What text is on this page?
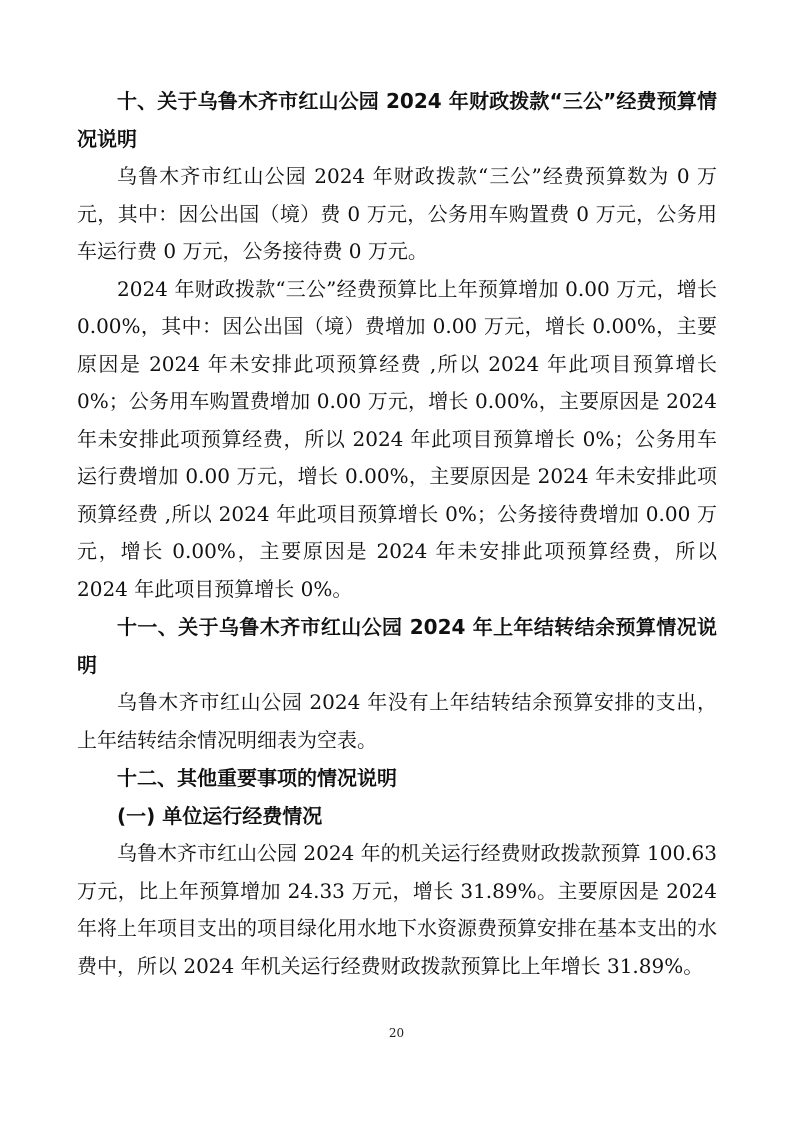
十、关于乌鲁木齐市红山公园 2024 年财政拨款“三公”经费预算情况说明

乌鲁木齐市红山公园 2024 年财政拨款“三公”经费预算数为 0 万元，其中：因公出国（境）费 0 万元，公务用车购置费 0 万元，公务用车运行费 0 万元，公务接待费 0 万元。

2024 年财政拨款“三公”经费预算比上年预算增加 0.00 万元，增长 0.00%，其中：因公出国（境）费增加 0.00 万元，增长 0.00%，主要原因是 2024 年未安排此项预算经费 ,所以 2024 年此项目预算增长 0%；公务用车购置费增加 0.00 万元，增长 0.00%，主要原因是 2024 年未安排此项预算经费，所以 2024 年此项目预算增长 0%；公务用车运行费增加 0.00 万元，增长 0.00%，主要原因是 2024 年未安排此项预算经费 ,所以 2024 年此项目预算增长 0%；公务接待费增加 0.00 万元，增长 0.00%，主要原因是 2024 年未安排此项预算经费，所以 2024 年此项目预算增长 0%。

十一、关于乌鲁木齐市红山公园 2024 年上年结转结余预算情况说明

乌鲁木齐市红山公园 2024 年没有上年结转结余预算安排的支出，上年结转结余情况明细表为空表。

十二、其他重要事项的情况说明

(一) 单位运行经费情况

乌鲁木齐市红山公园 2024 年的机关运行经费财政拨款预算 100.63 万元，比上年预算增加 24.33 万元，增长 31.89%。主要原因是 2024 年将上年项目支出的项目绿化用水地下水资源费预算安排在基本支出的水费中，所以 2024 年机关运行经费财政拨款预算比上年增长 31.89%。

20
